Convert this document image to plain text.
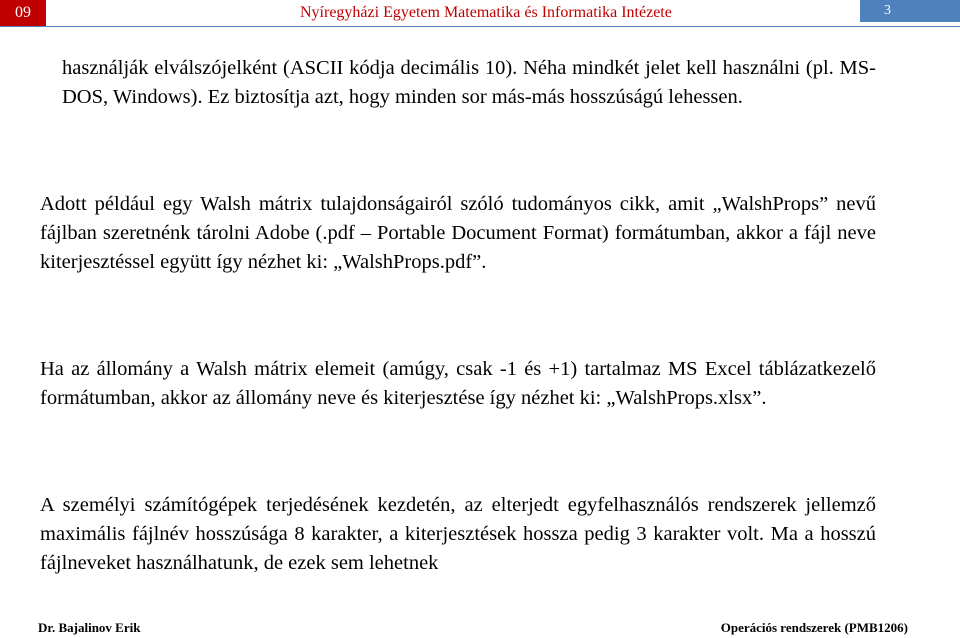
09	Nyíregyházi Egyetem Matematika és Informatika Intézete	3

használják elválszójelként (ASCII kódja decimális 10). Néha mindkét jelet kell használni (pl. MS-DOS, Windows). Ez biztosítja azt, hogy minden sor más-más hosszúságú lehessen.

Adott például egy Walsh mátrix tulajdonságairól szóló tudományos cikk, amit „WalshProps” nevű fájlban szeretnénk tárolni Adobe (.pdf – Portable Document Format) formátumban, akkor a fájl neve kiterjesztéssel együtt így nézhet ki: „WalshProps.pdf”.

Ha az állomány a Walsh mátrix elemeit (amúgy, csak -1 és +1) tartalmaz MS Excel táblázatkezelő formátumban, akkor az állomány neve és kiterjesztése így nézhet ki: „WalshProps.xlsx”.

A személyi számítógépek terjedésének kezdetén, az elterjedt egyfelhasználós rendszerek jellemző maximális fájlnév hosszúsága 8 karakter, a kiterjesztések hossza pedig 3 karakter volt. Ma a hosszú fájlneveket használhatunk, de ezek sem lehetnek

Dr. Bajalinov Erik	Operációs rendszerek (PMB1206)
